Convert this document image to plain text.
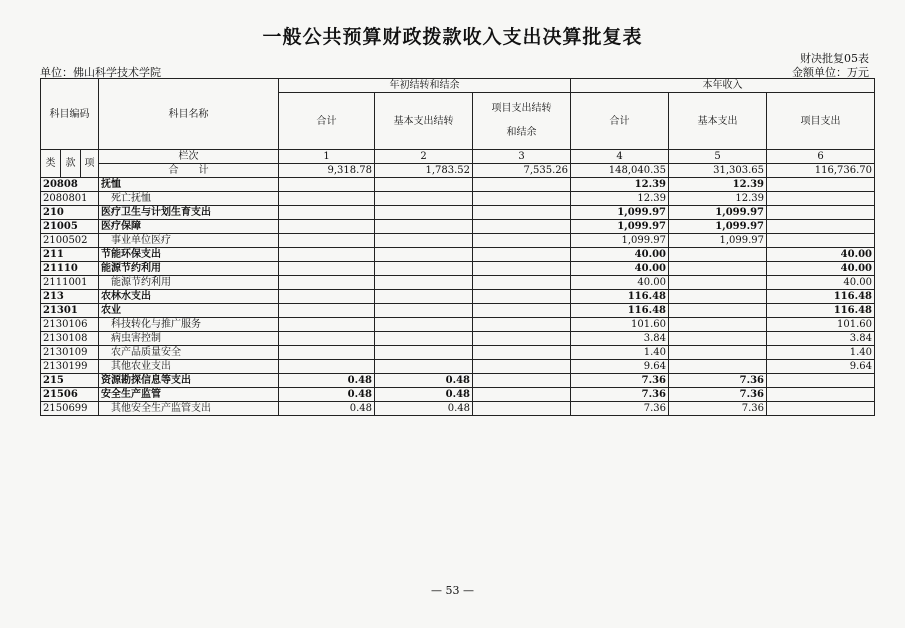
一般公共预算财政拨款收入支出决算批复表
财决批复05表
单位：佛山科学技术学院	金额单位：万元
科目编码			科目名称	年初结转和结余			本年收入		
				合计	基本支出结转	项目支出结转和结余	合计	基本支出	项目支出
类	款	项	栏次	1	2	3	4	5	6
			合　　计	9,318.78	1,783.52	7,535.26	148,040.35	31,303.65	116,736.70
20808			抚恤				12.39	12.39	
2080801			死亡抚恤				12.39	12.39	
210			医疗卫生与计划生育支出				1,099.97	1,099.97	
21005			医疗保障				1,099.97	1,099.97	
2100502			事业单位医疗				1,099.97	1,099.97	
211			节能环保支出				40.00		40.00
21110			能源节约利用				40.00		40.00
2111001			能源节约利用				40.00		40.00
213			农林水支出				116.48		116.48
21301			农业				116.48		116.48
2130106			科技转化与推广服务				101.60		101.60
2130108			病虫害控制				3.84		3.84
2130109			农产品质量安全				1.40		1.40
2130199			其他农业支出				9.64		9.64
215			资源勘探信息等支出	0.48	0.48		7.36	7.36	
21506			安全生产监管	0.48	0.48		7.36	7.36	
2150699			其他安全生产监管支出	0.48	0.48		7.36	7.36	
— 53 —
